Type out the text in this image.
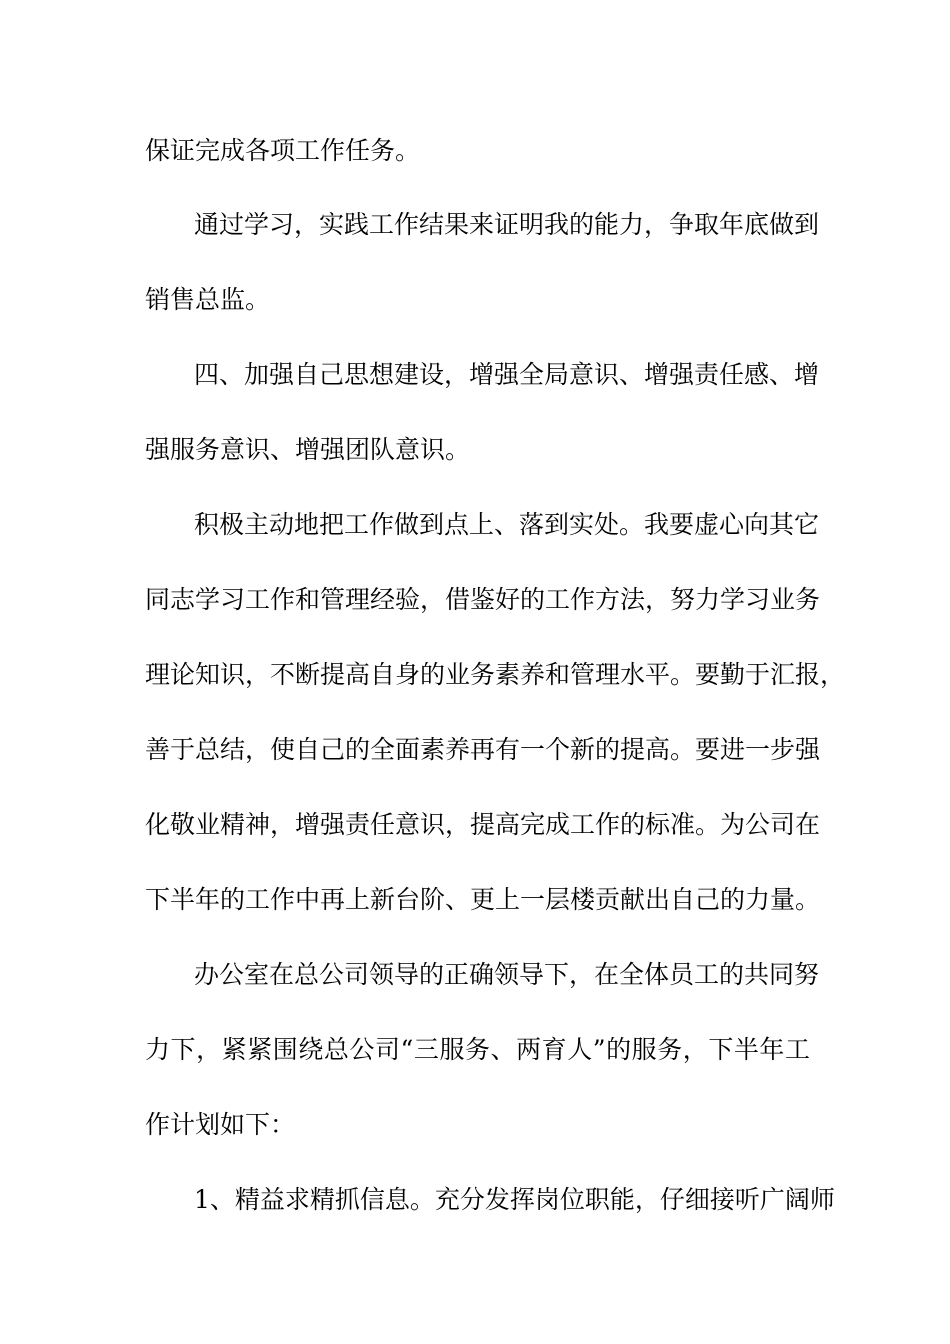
保证完成各项工作任务。
通过学习，实践工作结果来证明我的能力，争取年底做到
销售总监。
四、加强自己思想建设，增强全局意识、增强责任感、增
强服务意识、增强团队意识。
积极主动地把工作做到点上、落到实处。我要虚心向其它
同志学习工作和管理经验，借鉴好的工作方法，努力学习业务
理论知识，不断提高自身的业务素养和管理水平。要勤于汇报，
善于总结，使自己的全面素养再有一个新的提高。要进一步强
化敬业精神，增强责任意识，提高完成工作的标准。为公司在
下半年的工作中再上新台阶、更上一层楼贡献出自己的力量。
办公室在总公司领导的正确领导下，在全体员工的共同努
力下，紧紧围绕总公司“三服务、两育人”的服务，下半年工
作计划如下：
1、精益求精抓信息。充分发挥岗位职能，仔细接听广阔师
